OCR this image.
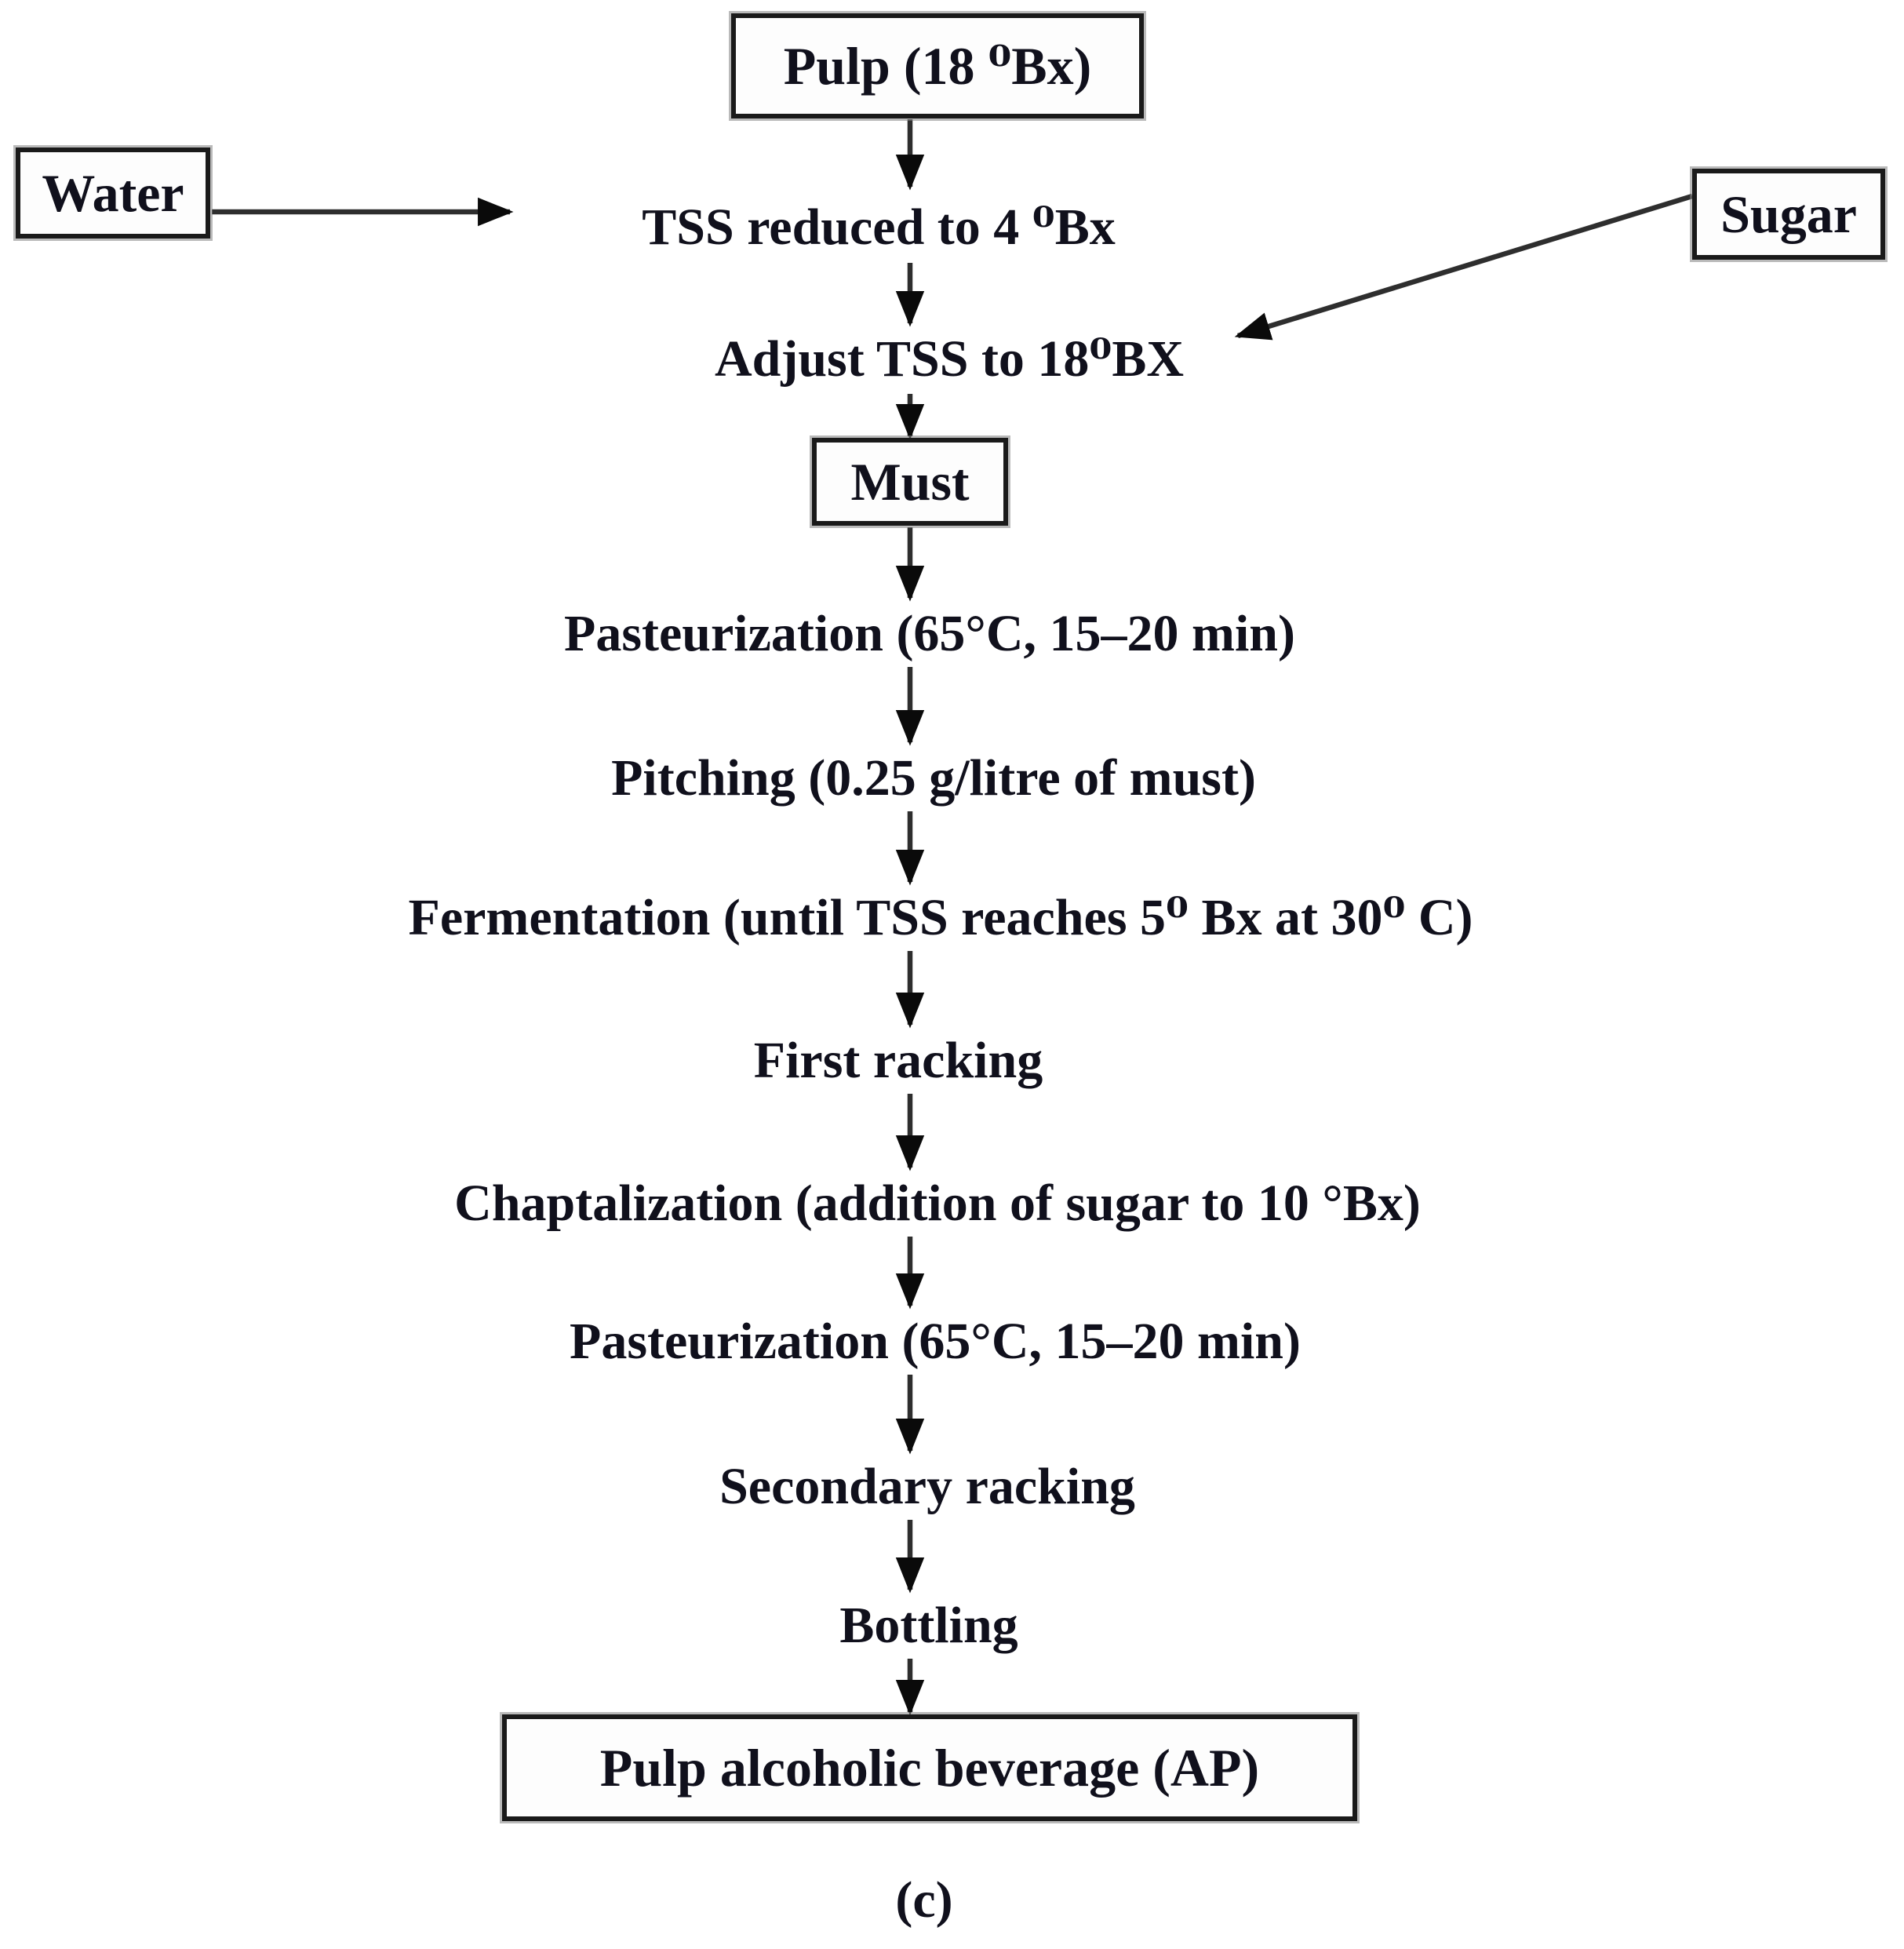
Pulp (18 ⁰Bx)
Water	Sugar
TSS reduced to 4 ⁰Bx
Adjust TSS to 18⁰BX
Must
Pasteurization (65°C, 15–20 min)
Pitching (0.25 g/litre of must)
Fermentation (until TSS reaches 5⁰ Bx at 30⁰ C)
First racking
Chaptalization (addition of sugar to 10 °Bx)
Pasteurization (65°C, 15–20 min)
Secondary racking
Bottling
Pulp alcoholic beverage (AP)
(c)
